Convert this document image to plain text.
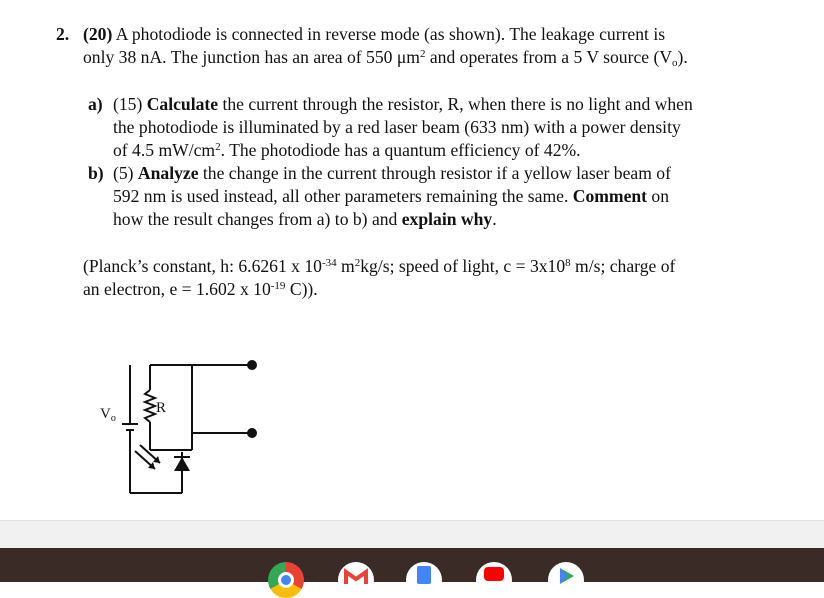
2. (20) A photodiode is connected in reverse mode (as shown). The leakage current is
only 38 nA. The junction has an area of 550 $\mu m^2$ and operates from a 5 V source $(V_o)$.
a) (15) Calculate the current through the resistor, R, when there is no light and when
the photodiode is illuminated by a red laser beam (633 nm) with a power density
of 4.5 $mW/cm^2$. The photodiode has a quantum efficiency of 42%.
b) (5) Analyze the change in the current through resistor if a yellow laser beam of
592 nm is used instead, all other parameters remaining the same. Comment on
how the result changes from a) to b) and explain why.
(Planck’s constant, h: 6.6261 x $10^{-34}$ $m^2kg/s$; speed of light, $c = 3x10^8$ m/s; charge of
an electron, e = 1.602 x $10^{-19}$ C)).
$V_o$
R
